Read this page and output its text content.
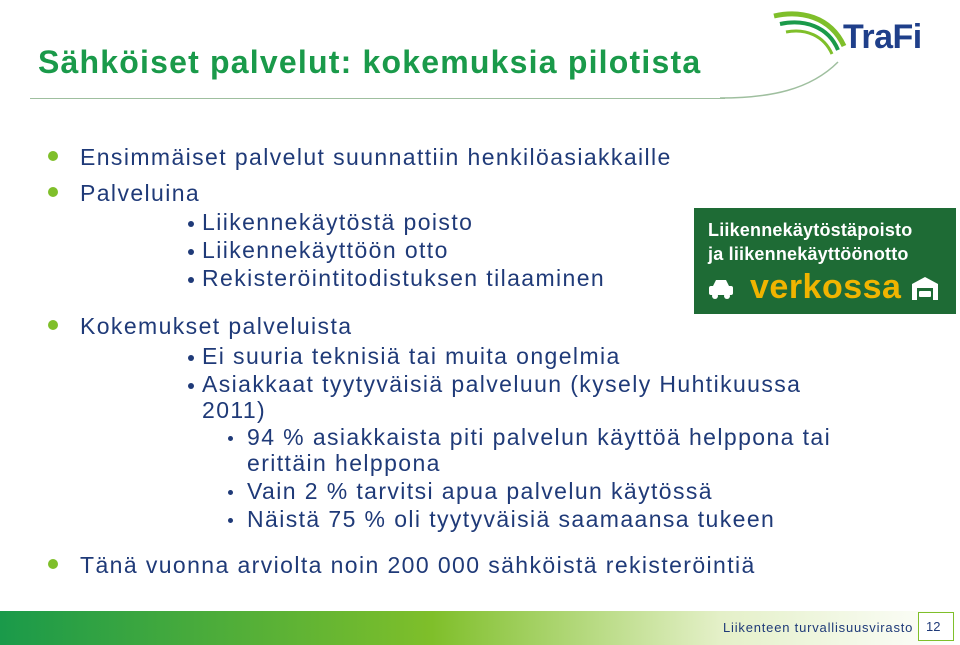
TraFi
Sähköiset palvelut: kokemuksia pilotista
Ensimmäiset palvelut suunnattiin henkilöasiakkaille
Palveluina
Liikennekäytöstä poisto
Liikennekäyttöön otto
Rekisteröintitodistuksen tilaaminen
Kokemukset palveluista
Ei suuria teknisiä tai muita ongelmia
Asiakkaat tyytyväisiä palveluun (kysely Huhtikuussa
2011)
94 % asiakkaista piti palvelun käyttöä helppona tai
erittäin helppona
Vain 2 % tarvitsi apua palvelun käytössä
Näistä 75 % oli tyytyväisiä saamaansa tukeen
Tänä vuonna arviolta noin 200 000 sähköistä rekisteröintiä
Liikennekäytöstäpoisto
ja liikennekäyttöönotto
verkossa
Liikenteen turvallisuusvirasto 12
